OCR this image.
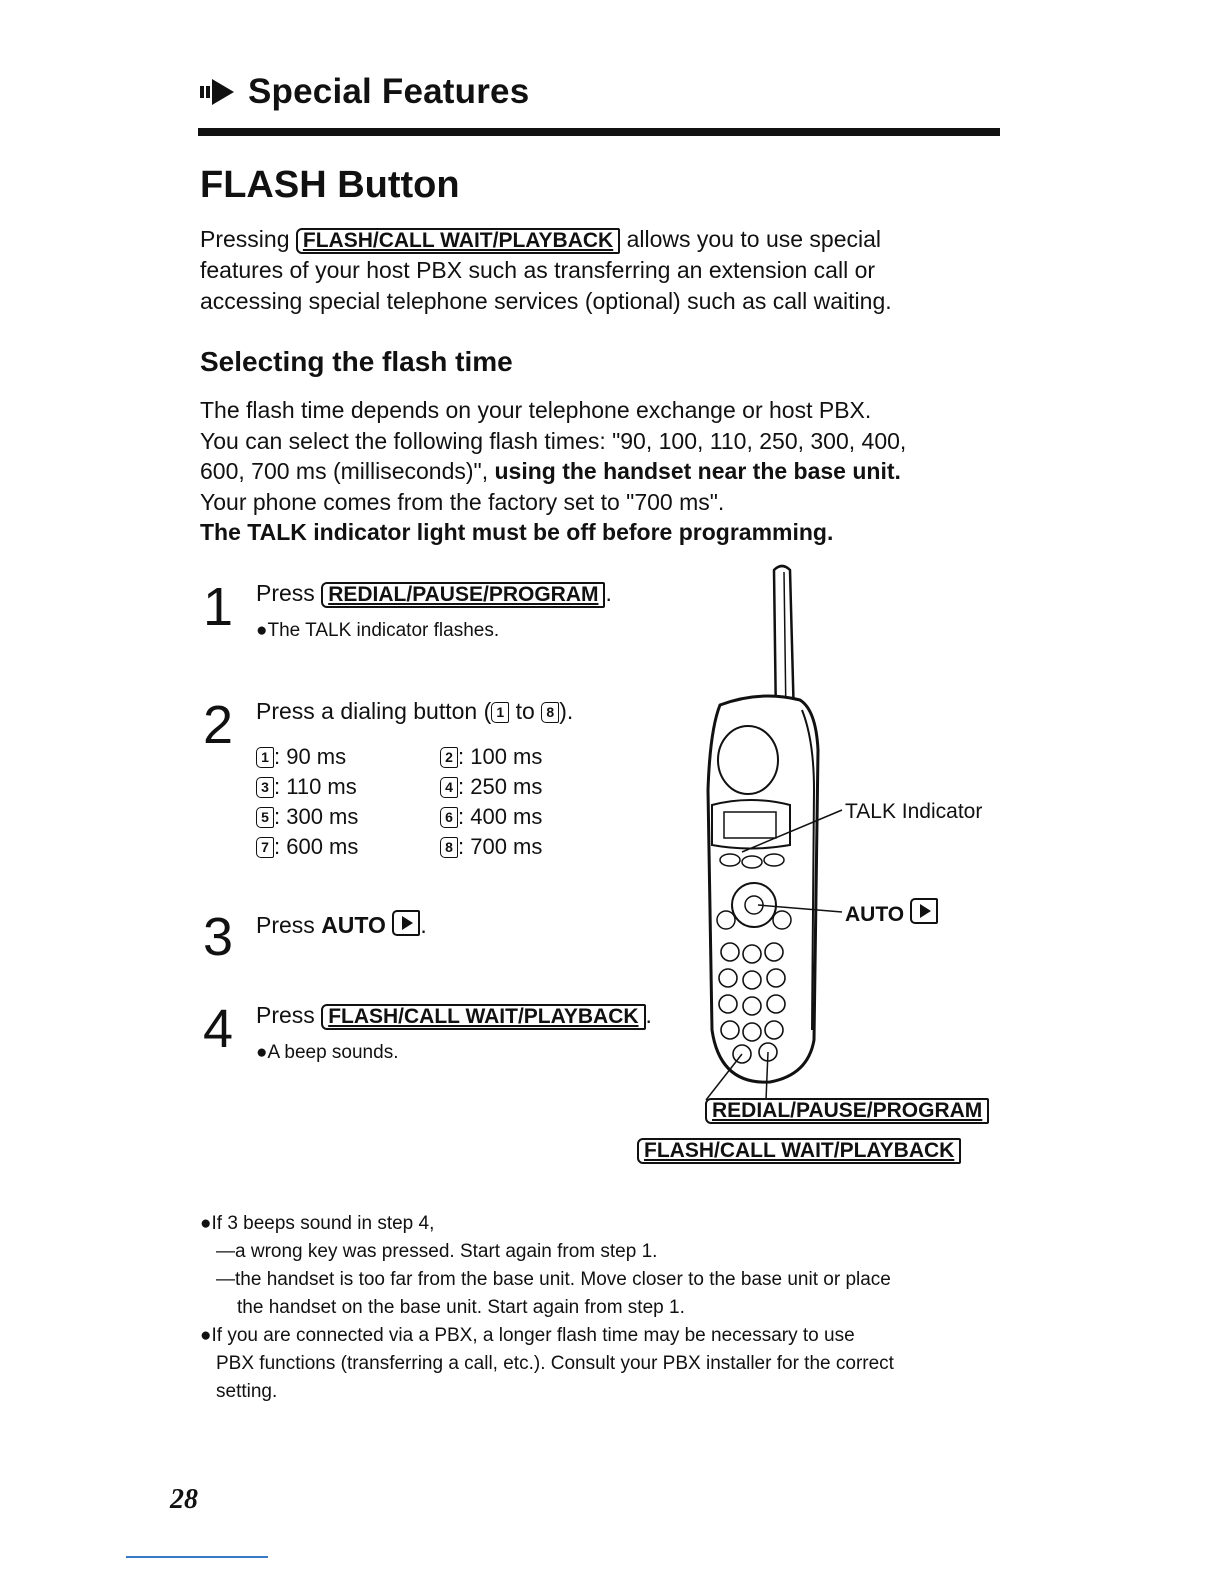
Special Features
FLASH Button
Pressing FLASH/CALL WAIT/PLAYBACK allows you to use special
features of your host PBX such as transferring an extension call or
accessing special telephone services (optional) such as call waiting.
Selecting the flash time
The flash time depends on your telephone exchange or host PBX.
You can select the following flash times: "90, 100, 110, 250, 300, 400,
600, 700 ms (milliseconds)", using the handset near the base unit.
Your phone comes from the factory set to "700 ms".
The TALK indicator light must be off before programming.
1 Press REDIAL/PAUSE/PROGRAM .
●The TALK indicator flashes.
2 Press a dialing button ( 1 to 8 ).
1 : 90 ms	2 : 100 ms
3 : 110 ms	4 : 250 ms
5 : 300 ms	6 : 400 ms
7 : 600 ms	8 : 700 ms
3 Press AUTO .
4 Press FLASH/CALL WAIT/PLAYBACK .
●A beep sounds.
TALK Indicator
AUTO
REDIAL/PAUSE/PROGRAM
FLASH/CALL WAIT/PLAYBACK
●If 3 beeps sound in step 4,
—a wrong key was pressed. Start again from step 1.
—the handset is too far from the base unit. Move closer to the base unit or place
the handset on the base unit. Start again from step 1.
●If you are connected via a PBX, a longer flash time may be necessary to use
PBX functions (transferring a call, etc.). Consult your PBX installer for the correct
setting.
28
